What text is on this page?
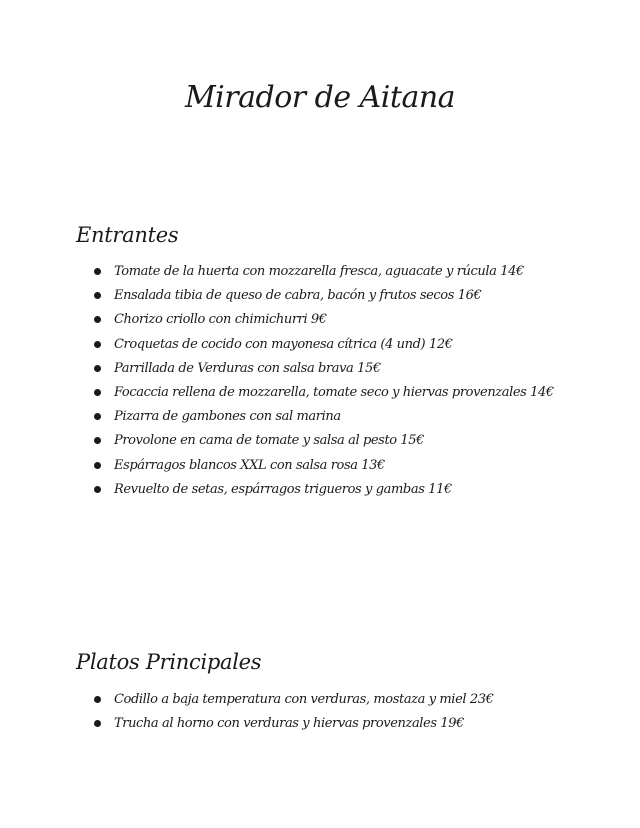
Mirador de Aitana
Entrantes
Tomate de la huerta con mozzarella fresca, aguacate y rúcula 14€
Ensalada tibia de queso de cabra, bacón y frutos secos 16€
Chorizo criollo con chimichurri 9€
Croquetas de cocido con mayonesa cítrica (4 und) 12€
Parrillada de Verduras con salsa brava 15€
Focaccia rellena de mozzarella, tomate seco y hiervas provenzales 14€
Pizarra de gambones con sal marina
Provolone en cama de tomate y salsa al pesto 15€
Espárragos blancos XXL con salsa rosa 13€
Revuelto de setas, espárragos trigueros y gambas 11€
Platos Principales
Codillo a baja temperatura con verduras, mostaza y miel 23€
Trucha al horno con verduras y hiervas provenzales 19€
